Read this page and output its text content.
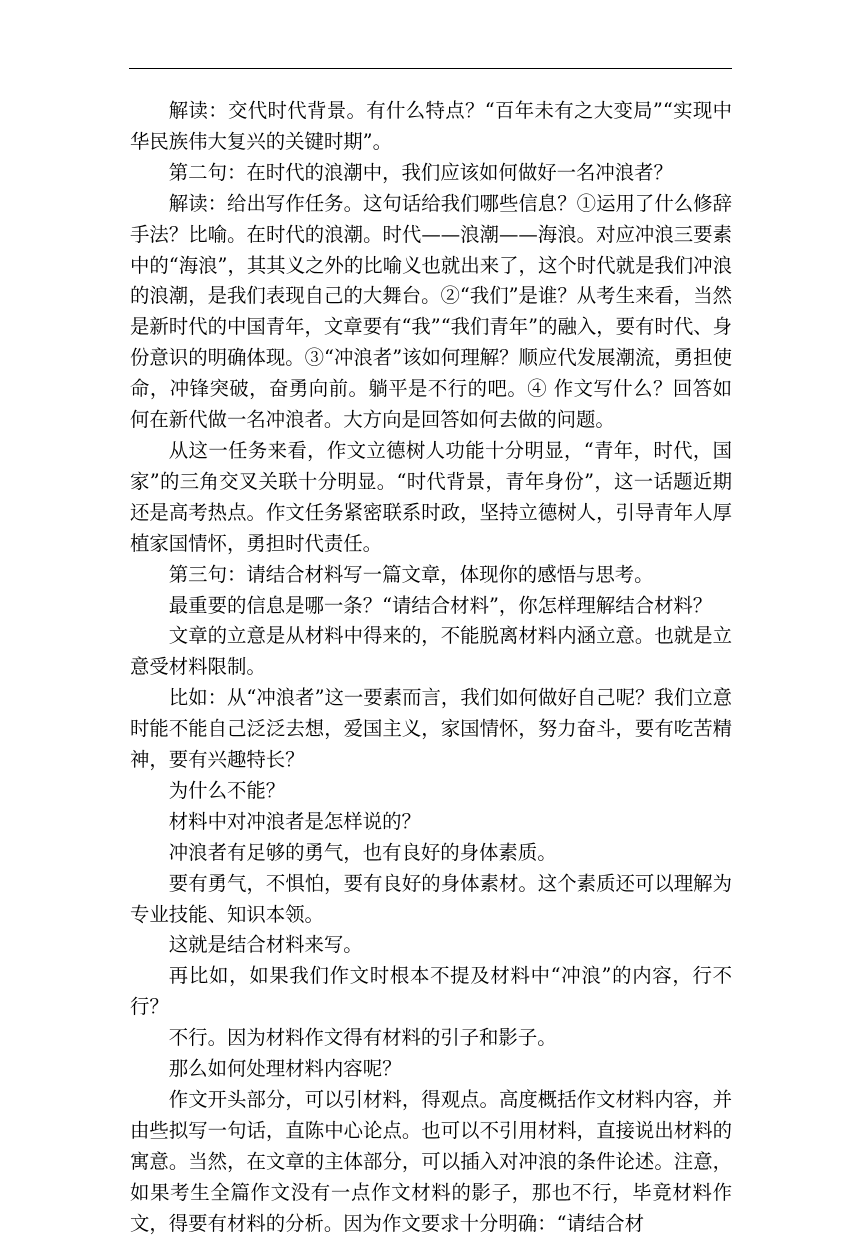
解读：交代时代背景。有什么特点？“百年未有之大变局”“实现中华民族伟大复兴的关键时期”。

第二句：在时代的浪潮中，我们应该如何做好一名冲浪者？

解读：给出写作任务。这句话给我们哪些信息？①运用了什么修辞手法？比喻。在时代的浪潮。时代——浪潮——海浪。对应冲浪三要素中的“海浪”，其其义之外的比喻义也就出来了，这个时代就是我们冲浪的浪潮，是我们表现自己的大舞台。②“我们”是谁？从考生来看，当然是新时代的中国青年，文章要有“我”“我们青年”的融入，要有时代、身份意识的明确体现。③“冲浪者”该如何理解？顺应代发展潮流，勇担使命，冲锋突破，奋勇向前。躺平是不行的吧。④ 作文写什么？回答如何在新代做一名冲浪者。大方向是回答如何去做的问题。

从这一任务来看，作文立德树人功能十分明显，“青年，时代，国家”的三角交叉关联十分明显。“时代背景，青年身份”，这一话题近期还是高考热点。作文任务紧密联系时政，坚持立德树人，引导青年人厚植家国情怀，勇担时代责任。

第三句：请结合材料写一篇文章，体现你的感悟与思考。

最重要的信息是哪一条？“请结合材料”，你怎样理解结合材料？

文章的立意是从材料中得来的，不能脱离材料内涵立意。也就是立意受材料限制。

比如：从“冲浪者”这一要素而言，我们如何做好自己呢？我们立意时能不能自己泛泛去想，爱国主义，家国情怀，努力奋斗，要有吃苦精神，要有兴趣特长？

为什么不能？

材料中对冲浪者是怎样说的？

冲浪者有足够的勇气，也有良好的身体素质。

要有勇气，不惧怕，要有良好的身体素材。这个素质还可以理解为专业技能、知识本领。

这就是结合材料来写。

再比如，如果我们作文时根本不提及材料中“冲浪”的内容，行不行？

不行。因为材料作文得有材料的引子和影子。

那么如何处理材料内容呢？

作文开头部分，可以引材料，得观点。高度概括作文材料内容，并由些拟写一句话，直陈中心论点。也可以不引用材料，直接说出材料的寓意。当然，在文章的主体部分，可以插入对冲浪的条件论述。注意，如果考生全篇作文没有一点作文材料的影子，那也不行，毕竟材料作文，得要有材料的分析。因为作文要求十分明确：“请结合材
